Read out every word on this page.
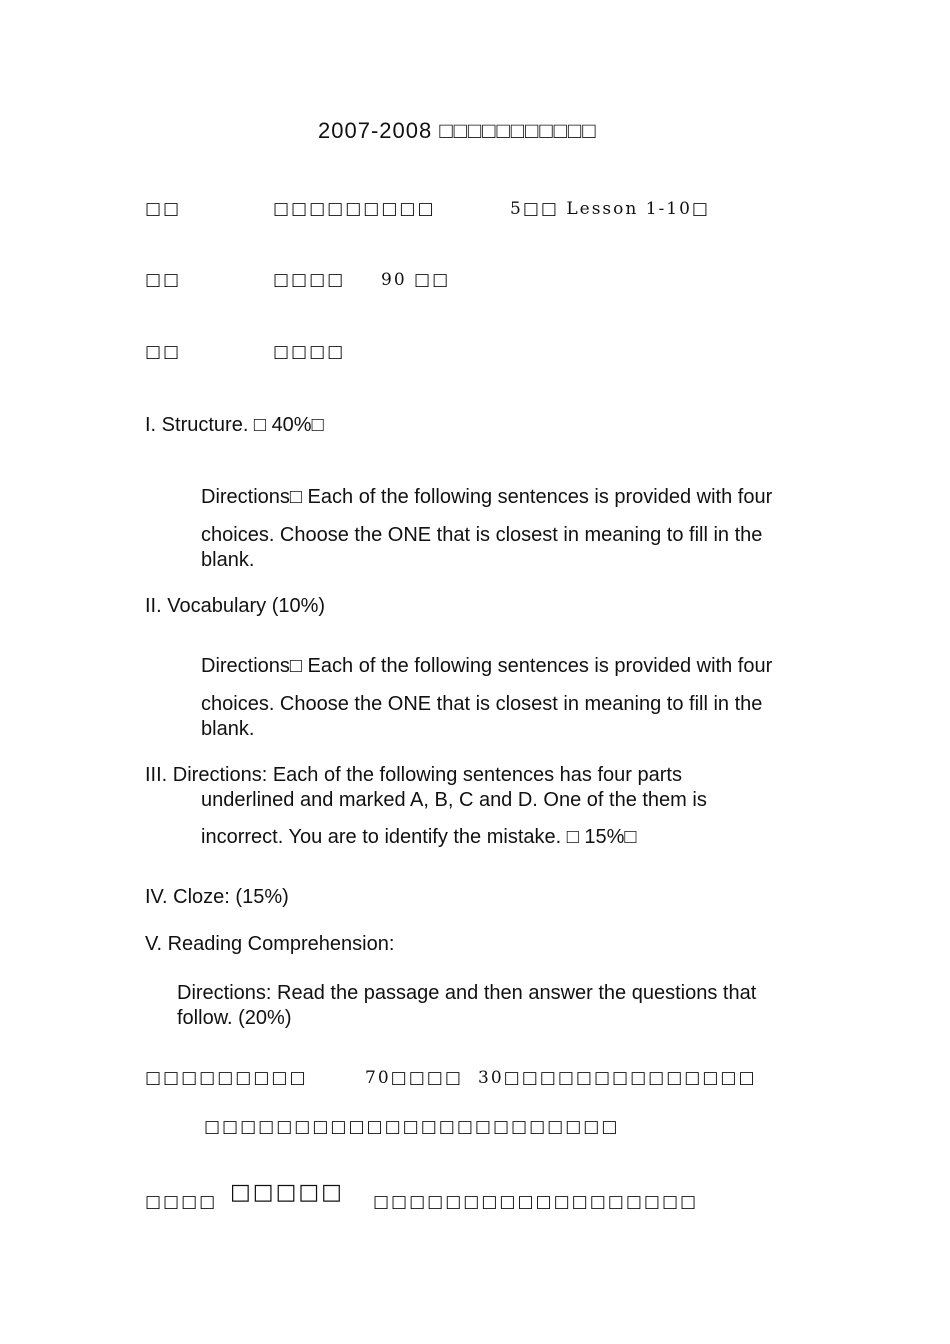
2007-2008 □□□□□□□□□□□
□□	□□□□□□□□□	5□□ Lesson 1-10□
□□	□□□□ 90 □□
□□	□□□□
I. Structure. □ 40%□
Directions□ Each of the following sentences is provided with four
choices. Choose the ONE that is closest in meaning to fill in the blank.
II. Vocabulary (10%)
Directions□ Each of the following sentences is provided with four
choices. Choose the ONE that is closest in meaning to fill in the blank.
III. Directions: Each of the following sentences has four parts
underlined and marked A, B, C and D. One of the them is
incorrect. You are to identify the mistake. □ 15%□
IV. Cloze: (15%)
V. Reading Comprehension:
Directions: Read the passage and then answer the questions that follow. (20%)
□□□□□□□□□	70□□□□ 30□□□□□□□□□□□□□□
□□□□□□□□□□□□□□□□□□□□□□□
□□□□ □□□□□ □□□□□□□□□□□□□□□□□□
